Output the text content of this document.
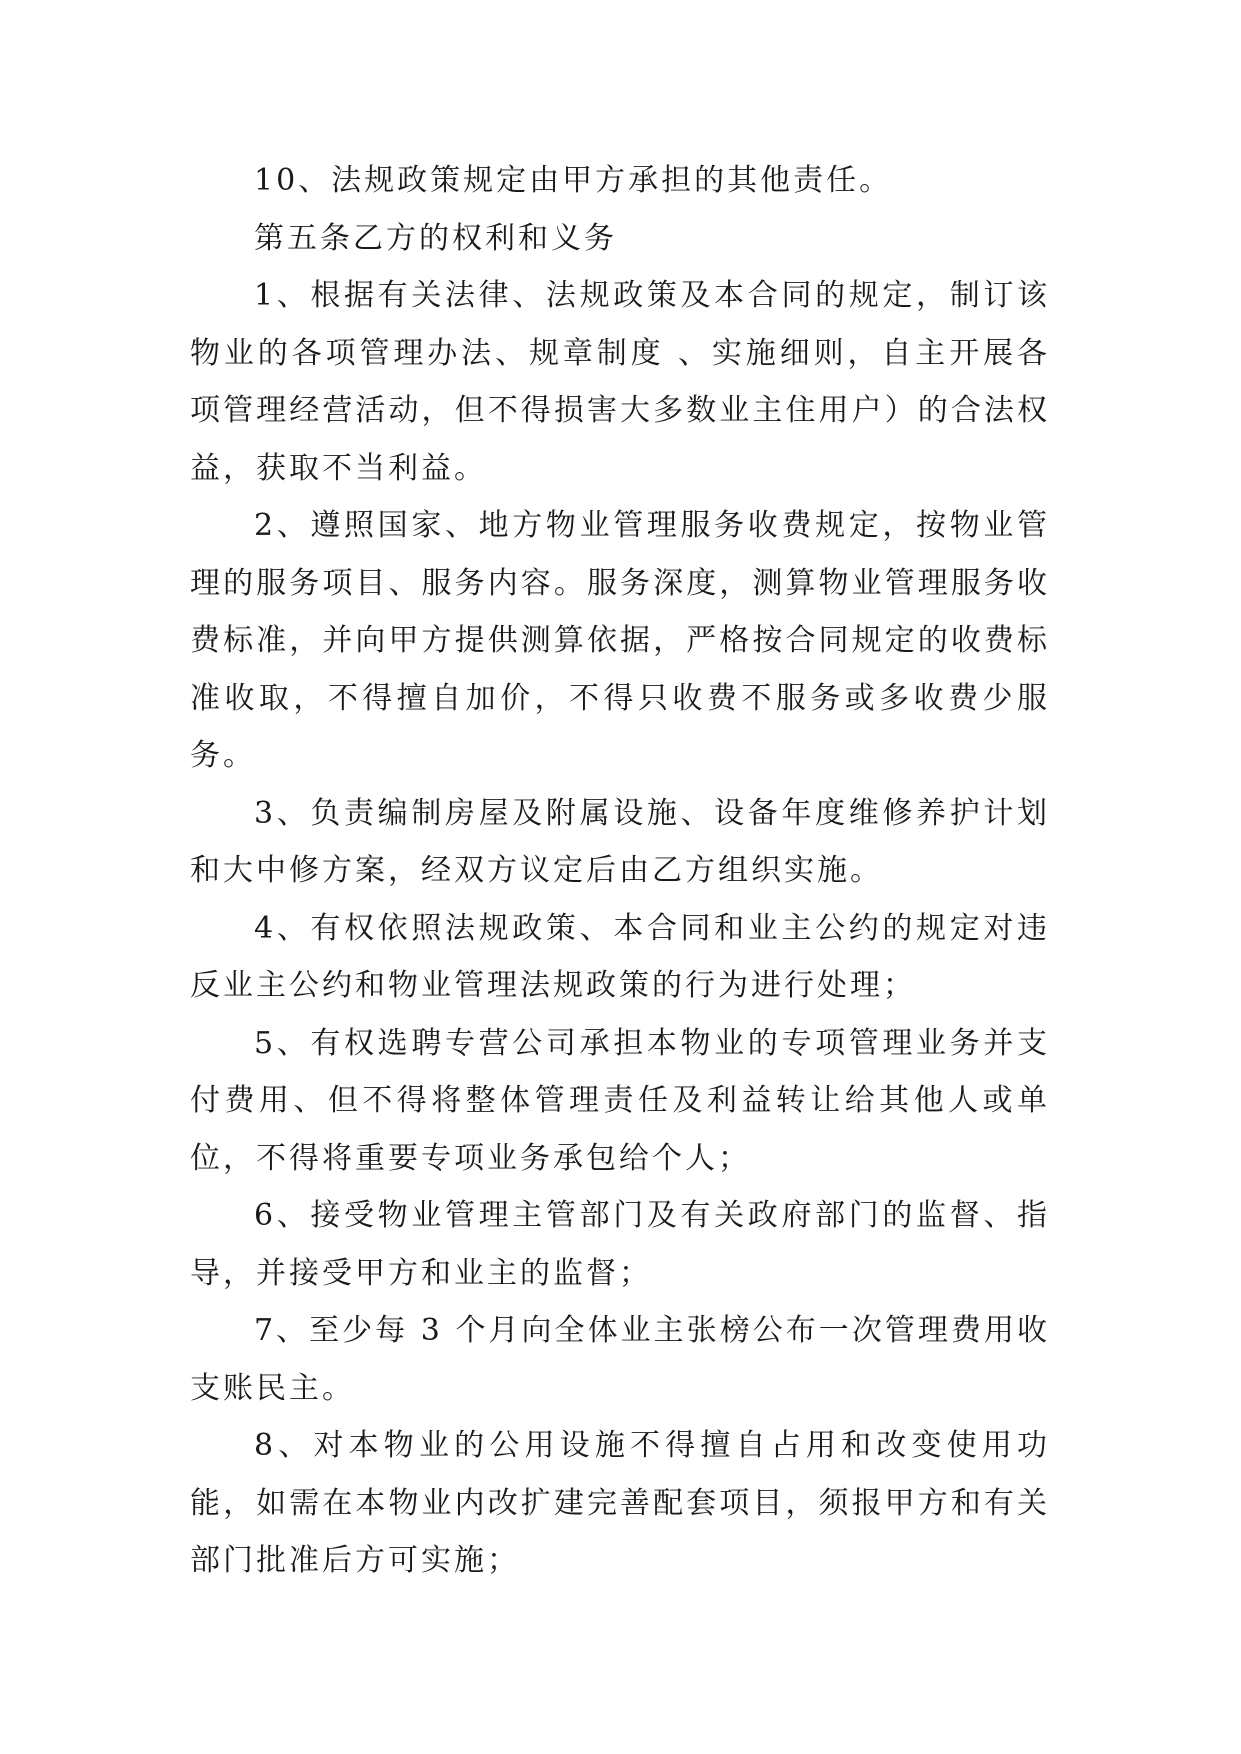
10、法规政策规定由甲方承担的其他责任。

第五条乙方的权利和义务

1、根据有关法律、法规政策及本合同的规定，制订该物业的各项管理办法、规章制度 、实施细则，自主开展各项管理经营活动，但不得损害大多数业主住用户）的合法权益，获取不当利益。

2、遵照国家、地方物业管理服务收费规定，按物业管理的服务项目、服务内容。服务深度，测算物业管理服务收费标准，并向甲方提供测算依据，严格按合同规定的收费标准收取，不得擅自加价，不得只收费不服务或多收费少服务。

3、负责编制房屋及附属设施、设备年度维修养护计划和大中修方案，经双方议定后由乙方组织实施。

4、有权依照法规政策、本合同和业主公约的规定对违反业主公约和物业管理法规政策的行为进行处理；

5、有权选聘专营公司承担本物业的专项管理业务并支付费用、但不得将整体管理责任及利益转让给其他人或单位，不得将重要专项业务承包给个人；

6、接受物业管理主管部门及有关政府部门的监督、指导，并接受甲方和业主的监督；

7、至少每 3 个月向全体业主张榜公布一次管理费用收支账民主。

8、对本物业的公用设施不得擅自占用和改变使用功能，如需在本物业内改扩建完善配套项目，须报甲方和有关部门批准后方可实施；
